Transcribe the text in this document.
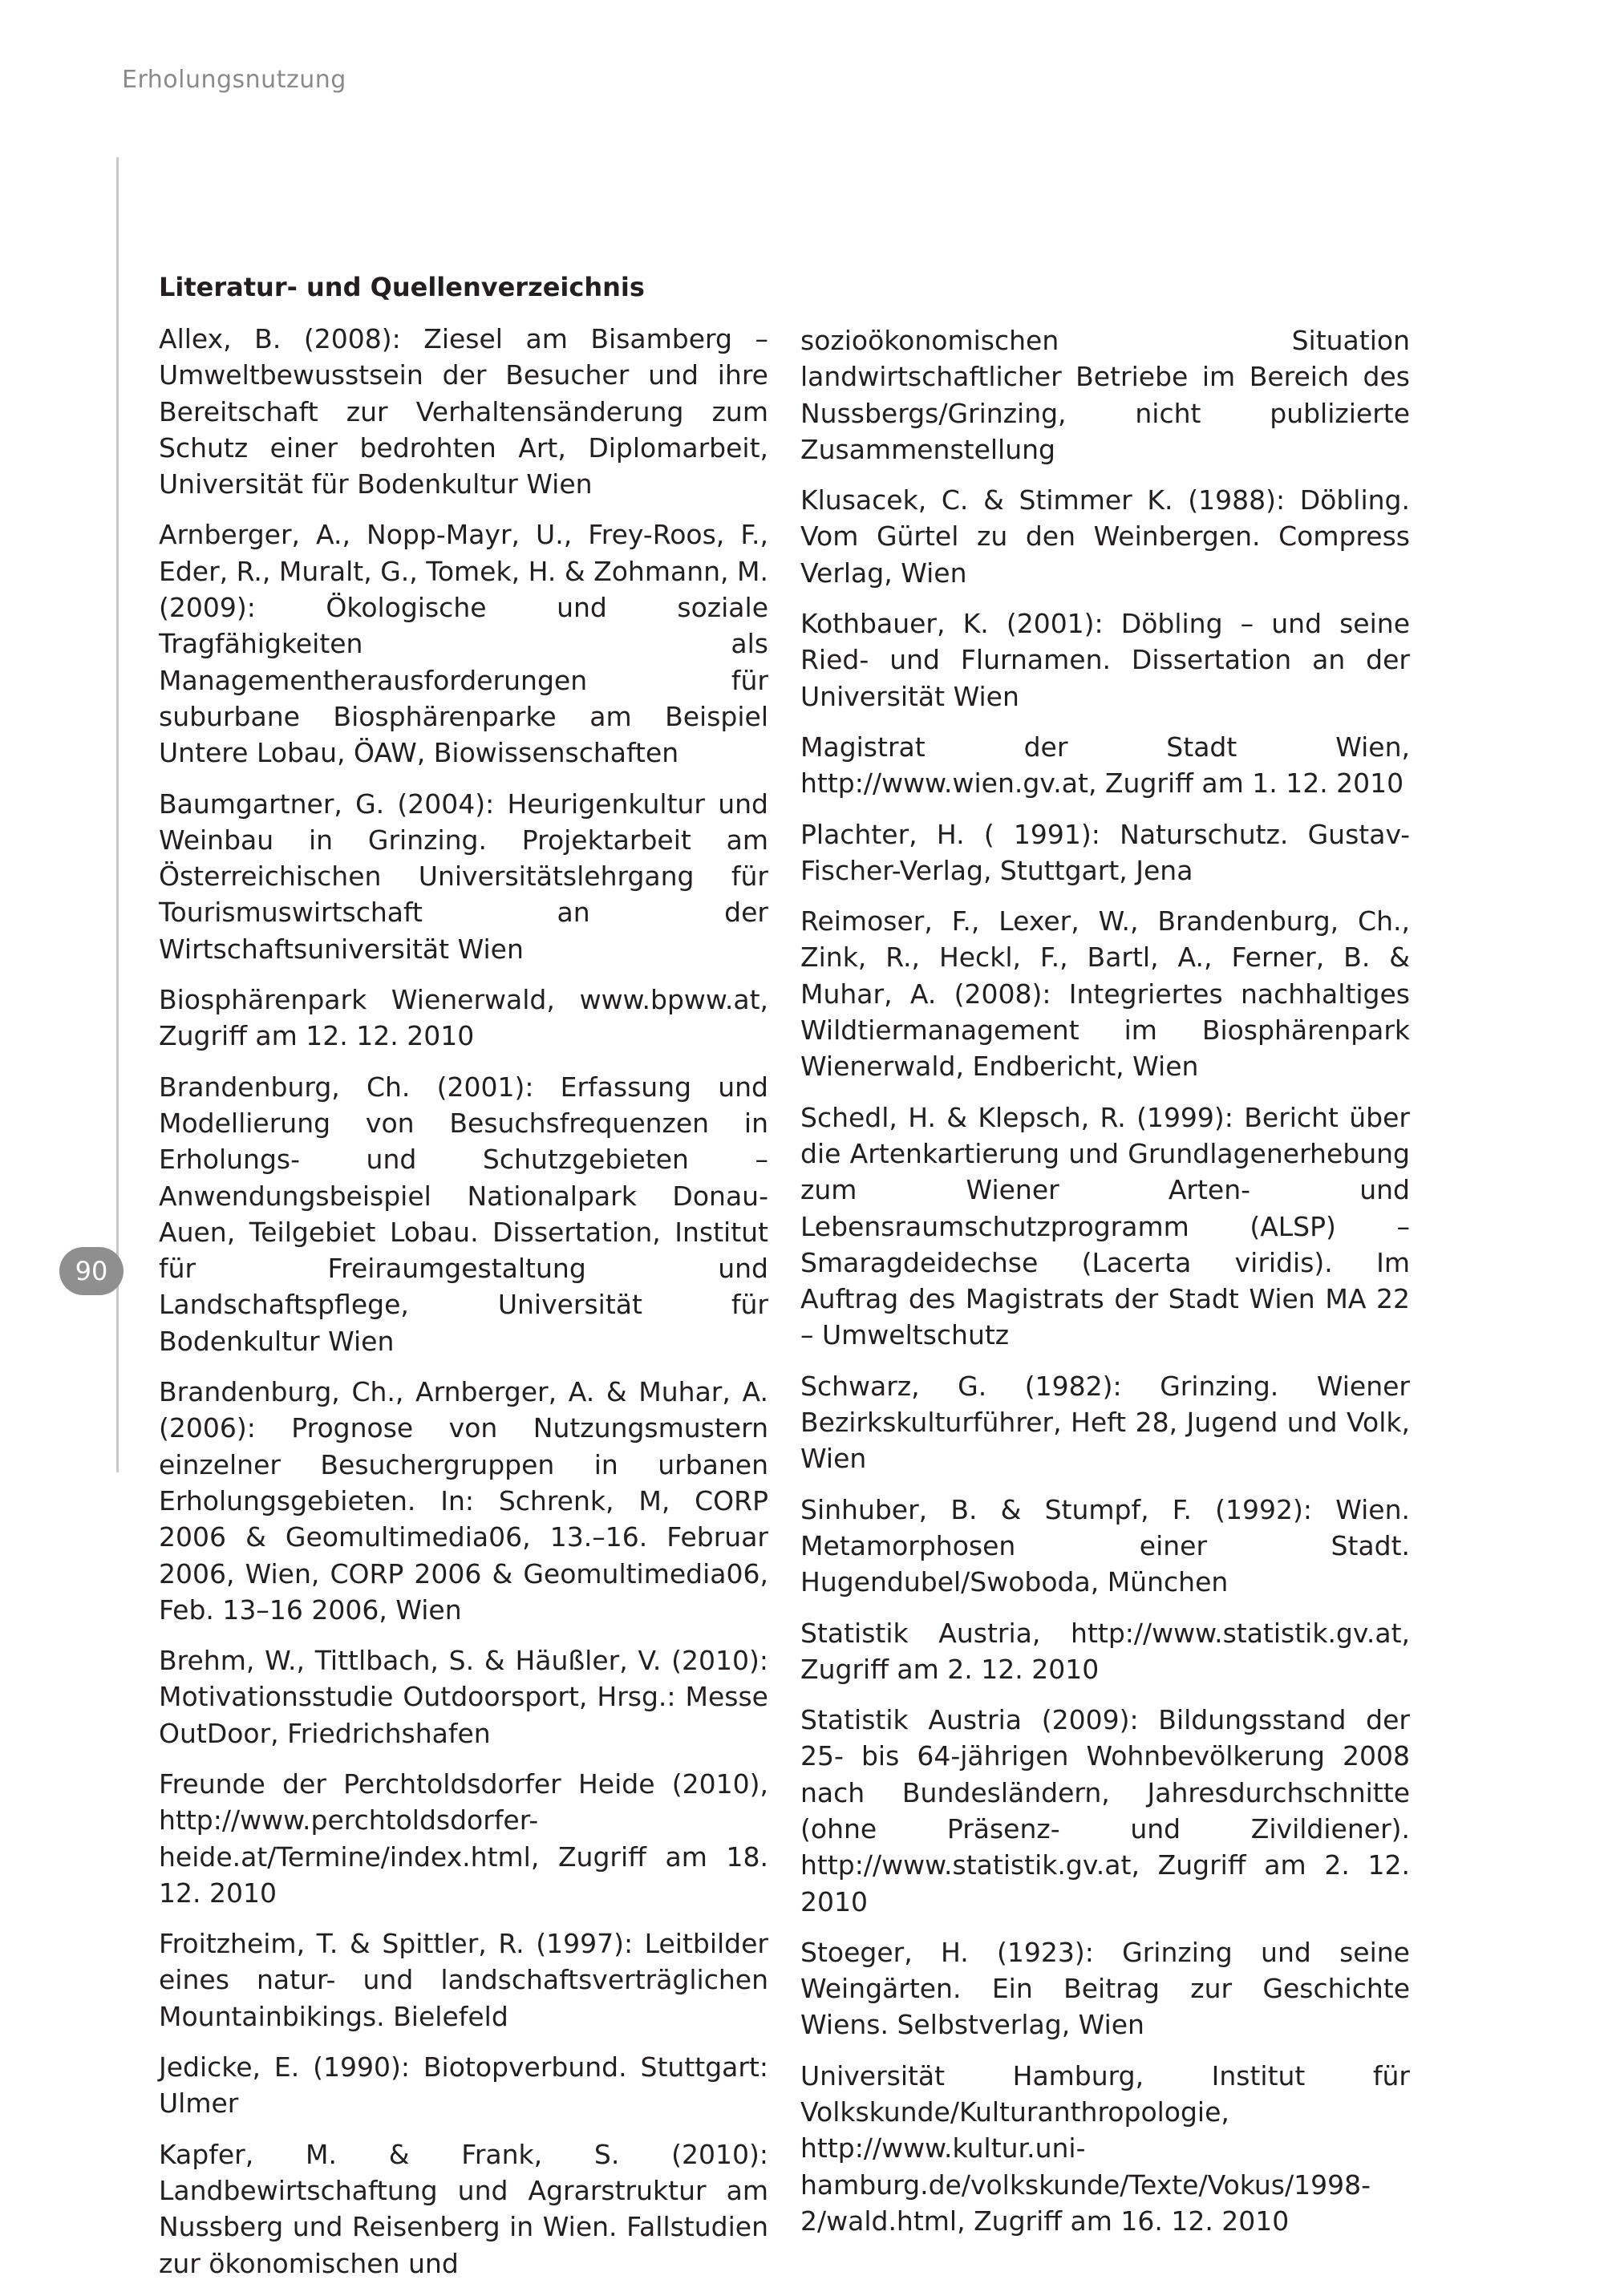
Erholungsnutzung
90
Literatur- und Quellenverzeichnis

Allex, B. (2008): Ziesel am Bisamberg – Umweltbewusstsein der Besucher und ihre Bereitschaft zur Verhaltensänderung zum Schutz einer bedrohten Art, Diplomarbeit, Universität für Bodenkultur Wien

Arnberger, A., Nopp-Mayr, U., Frey-Roos, F., Eder, R., Muralt, G., Tomek, H. & Zohmann, M. (2009): Ökologische und soziale Tragfähigkeiten als Managementherausforderungen für suburbane Biosphärenparke am Beispiel Untere Lobau, ÖAW, Biowissenschaften

Baumgartner, G. (2004): Heurigenkultur und Weinbau in Grinzing. Projektarbeit am Österreichischen Universitätslehrgang für Tourismuswirtschaft an der Wirtschaftsuniversität Wien

Biosphärenpark Wienerwald, www.bpww.at, Zugriff am 12. 12. 2010

Brandenburg, Ch. (2001): Erfassung und Modellierung von Besuchsfrequenzen in Erholungs- und Schutzgebieten – Anwendungsbeispiel Nationalpark Donau-Auen, Teilgebiet Lobau. Dissertation, Institut für Freiraumgestaltung und Landschaftspflege, Universität für Bodenkultur Wien

Brandenburg, Ch., Arnberger, A. & Muhar, A. (2006): Prognose von Nutzungsmustern einzelner Besuchergruppen in urbanen Erholungsgebieten. In: Schrenk, M, CORP 2006 & Geomultimedia06, 13.–16. Februar 2006, Wien, CORP 2006 & Geomultimedia06, Feb. 13–16 2006, Wien

Brehm, W., Tittlbach, S. & Häußler, V. (2010): Motivationsstudie Outdoorsport, Hrsg.: Messe OutDoor, Friedrichshafen

Freunde der Perchtoldsdorfer Heide (2010), http://www.perchtoldsdorfer-heide.at/Termine/index.html, Zugriff am 18. 12. 2010

Froitzheim, T. & Spittler, R. (1997): Leitbilder eines natur- und landschaftsverträglichen Mountainbikings. Bielefeld

Jedicke, E. (1990): Biotopverbund. Stuttgart: Ulmer

Kapfer, M. & Frank, S. (2010): Landbewirtschaftung und Agrarstruktur am Nussberg und Reisenberg in Wien. Fallstudien zur ökonomischen und

sozioökonomischen Situation landwirtschaftlicher Betriebe im Bereich des Nussbergs/Grinzing, nicht publizierte Zusammenstellung

Klusacek, C. & Stimmer K. (1988): Döbling. Vom Gürtel zu den Weinbergen. Compress Verlag, Wien

Kothbauer, K. (2001): Döbling – und seine Ried- und Flurnamen. Dissertation an der Universität Wien

Magistrat der Stadt Wien, http://www.wien.gv.at, Zugriff am 1. 12. 2010

Plachter, H. ( 1991): Naturschutz. Gustav-Fischer-Verlag, Stuttgart, Jena

Reimoser, F., Lexer, W., Brandenburg, Ch., Zink, R., Heckl, F., Bartl, A., Ferner, B. & Muhar, A. (2008): Integriertes nachhaltiges Wildtiermanagement im Biosphärenpark Wienerwald, Endbericht, Wien

Schedl, H. & Klepsch, R. (1999): Bericht über die Artenkartierung und Grundlagenerhebung zum Wiener Arten- und Lebensraumschutzprogramm (ALSP) – Smaragdeidechse (Lacerta viridis). Im Auftrag des Magistrats der Stadt Wien MA 22 – Umweltschutz

Schwarz, G. (1982): Grinzing. Wiener Bezirkskulturführer, Heft 28, Jugend und Volk, Wien

Sinhuber, B. & Stumpf, F. (1992): Wien. Metamorphosen einer Stadt. Hugendubel/Swoboda, München

Statistik Austria, http://www.statistik.gv.at, Zugriff am 2. 12. 2010

Statistik Austria (2009): Bildungsstand der 25- bis 64-jährigen Wohnbevölkerung 2008 nach Bundesländern, Jahresdurchschnitte (ohne Präsenz- und Zivildiener). http://www.statistik.gv.at, Zugriff am 2. 12. 2010

Stoeger, H. (1923): Grinzing und seine Weingärten. Ein Beitrag zur Geschichte Wiens. Selbstverlag, Wien

Universität Hamburg, Institut für Volkskunde/Kulturanthropologie, http://www.kultur.uni-hamburg.de/volkskunde/Texte/Vokus/1998-2/wald.html, Zugriff am 16. 12. 2010
